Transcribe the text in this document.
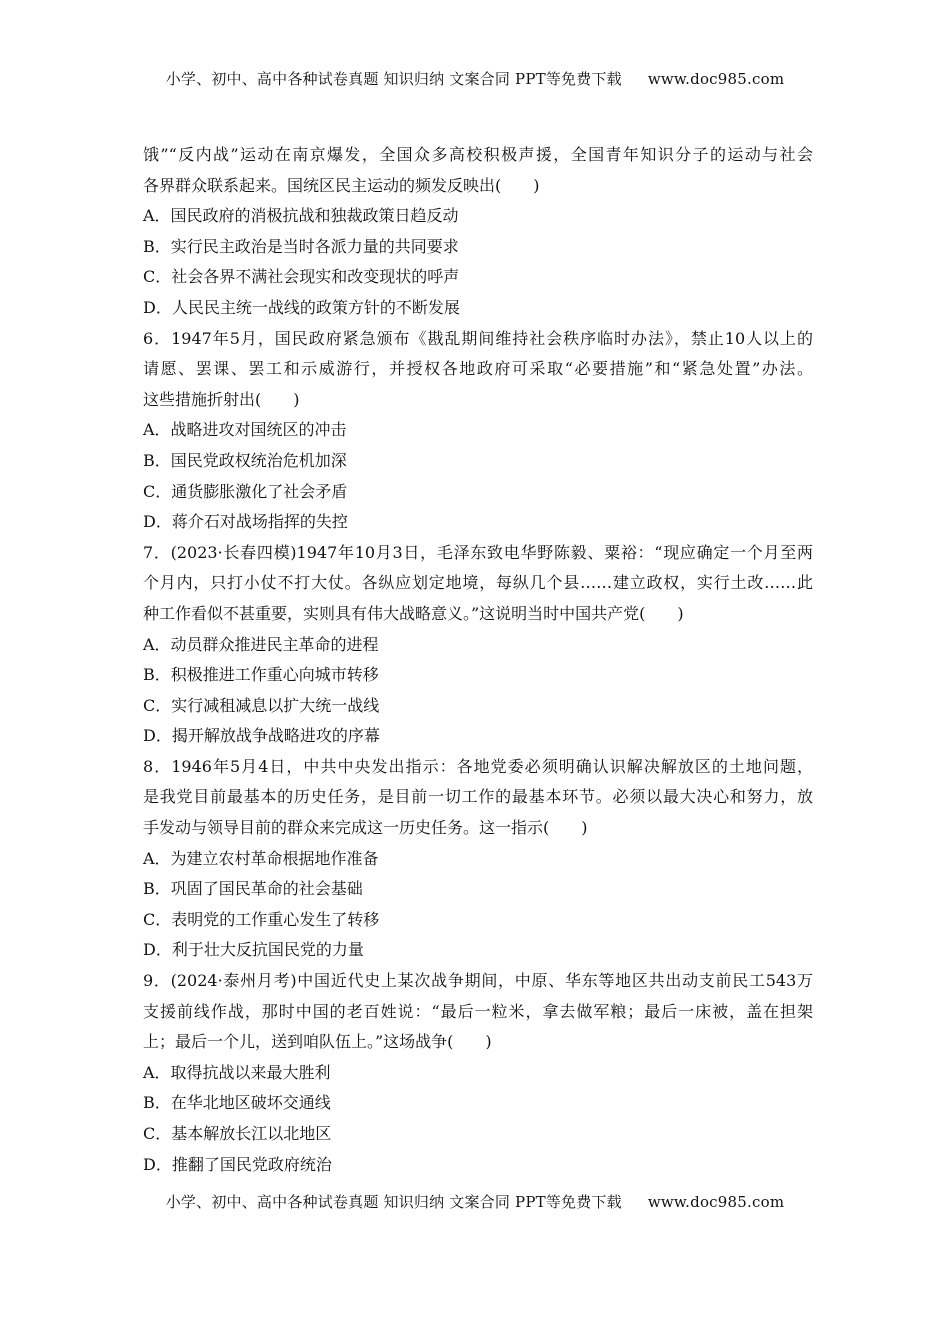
小学、初中、高中各种试卷真题 知识归纳 文案合同 PPT等免费下载 www.doc985.com
饿”“反内战”运动在南京爆发，全国众多高校积极声援，全国青年知识分子的运动与社会
各界群众联系起来。国统区民主运动的频发反映出(　　)
A．国民政府的消极抗战和独裁政策日趋反动
B．实行民主政治是当时各派力量的共同要求
C．社会各界不满社会现实和改变现状的呼声
D．人民民主统一战线的政策方针的不断发展
6．1947年5月，国民政府紧急颁布《戡乱期间维持社会秩序临时办法》，禁止10人以上的
请愿、罢课、罢工和示威游行，并授权各地政府可采取“必要措施”和“紧急处置”办法。
这些措施折射出(　　)
A．战略进攻对国统区的冲击
B．国民党政权统治危机加深
C．通货膨胀激化了社会矛盾
D．蒋介石对战场指挥的失控
7．(2023·长春四模)1947年10月3日，毛泽东致电华野陈毅、粟裕：“现应确定一个月至两
个月内，只打小仗不打大仗。各纵应划定地境，每纵几个县……建立政权，实行土改……此
种工作看似不甚重要，实则具有伟大战略意义。”这说明当时中国共产党(　　)
A．动员群众推进民主革命的进程
B．积极推进工作重心向城市转移
C．实行减租减息以扩大统一战线
D．揭开解放战争战略进攻的序幕
8．1946年5月4日，中共中央发出指示：各地党委必须明确认识解决解放区的土地问题，
是我党目前最基本的历史任务，是目前一切工作的最基本环节。必须以最大决心和努力，放
手发动与领导目前的群众来完成这一历史任务。这一指示(　　)
A．为建立农村革命根据地作准备
B．巩固了国民革命的社会基础
C．表明党的工作重心发生了转移
D．利于壮大反抗国民党的力量
9．(2024·泰州月考)中国近代史上某次战争期间，中原、华东等地区共出动支前民工543万
支援前线作战，那时中国的老百姓说：“最后一粒米，拿去做军粮；最后一床被，盖在担架
上；最后一个儿，送到咱队伍上。”这场战争(　　)
A．取得抗战以来最大胜利
B．在华北地区破坏交通线
C．基本解放长江以北地区
D．推翻了国民党政府统治
小学、初中、高中各种试卷真题 知识归纳 文案合同 PPT等免费下载 www.doc985.com
